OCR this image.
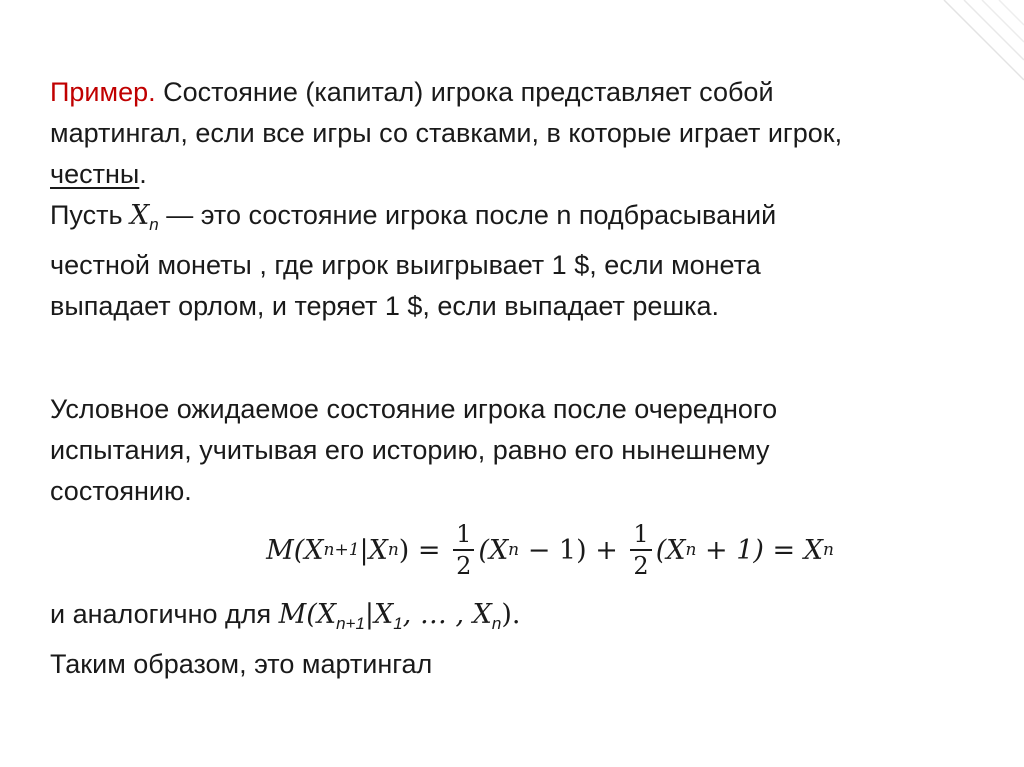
Пример. Состояние (капитал) игрока представляет собой
мартингал, если все игры со ставками, в которые играет игрок,
честны.

Пусть $X_n$ — это состояние игрока после n подбрасываний
честной монеты , где игрок выигрывает 1 $, если монета
выпадает орлом, и теряет 1 $, если выпадает решка.

Условное ожидаемое состояние игрока после очередного
испытания, учитывая его историю, равно его нынешнему
состоянию.

M(X n+1 |X n ) = $\frac{1}{2} (X$ $n - 1) + \frac{1}{2} (X$ n + 1) = X n

и аналогично для $M(X_{n+1}|X_1$, … , $X_n$).
Таким образом, это мартингал
